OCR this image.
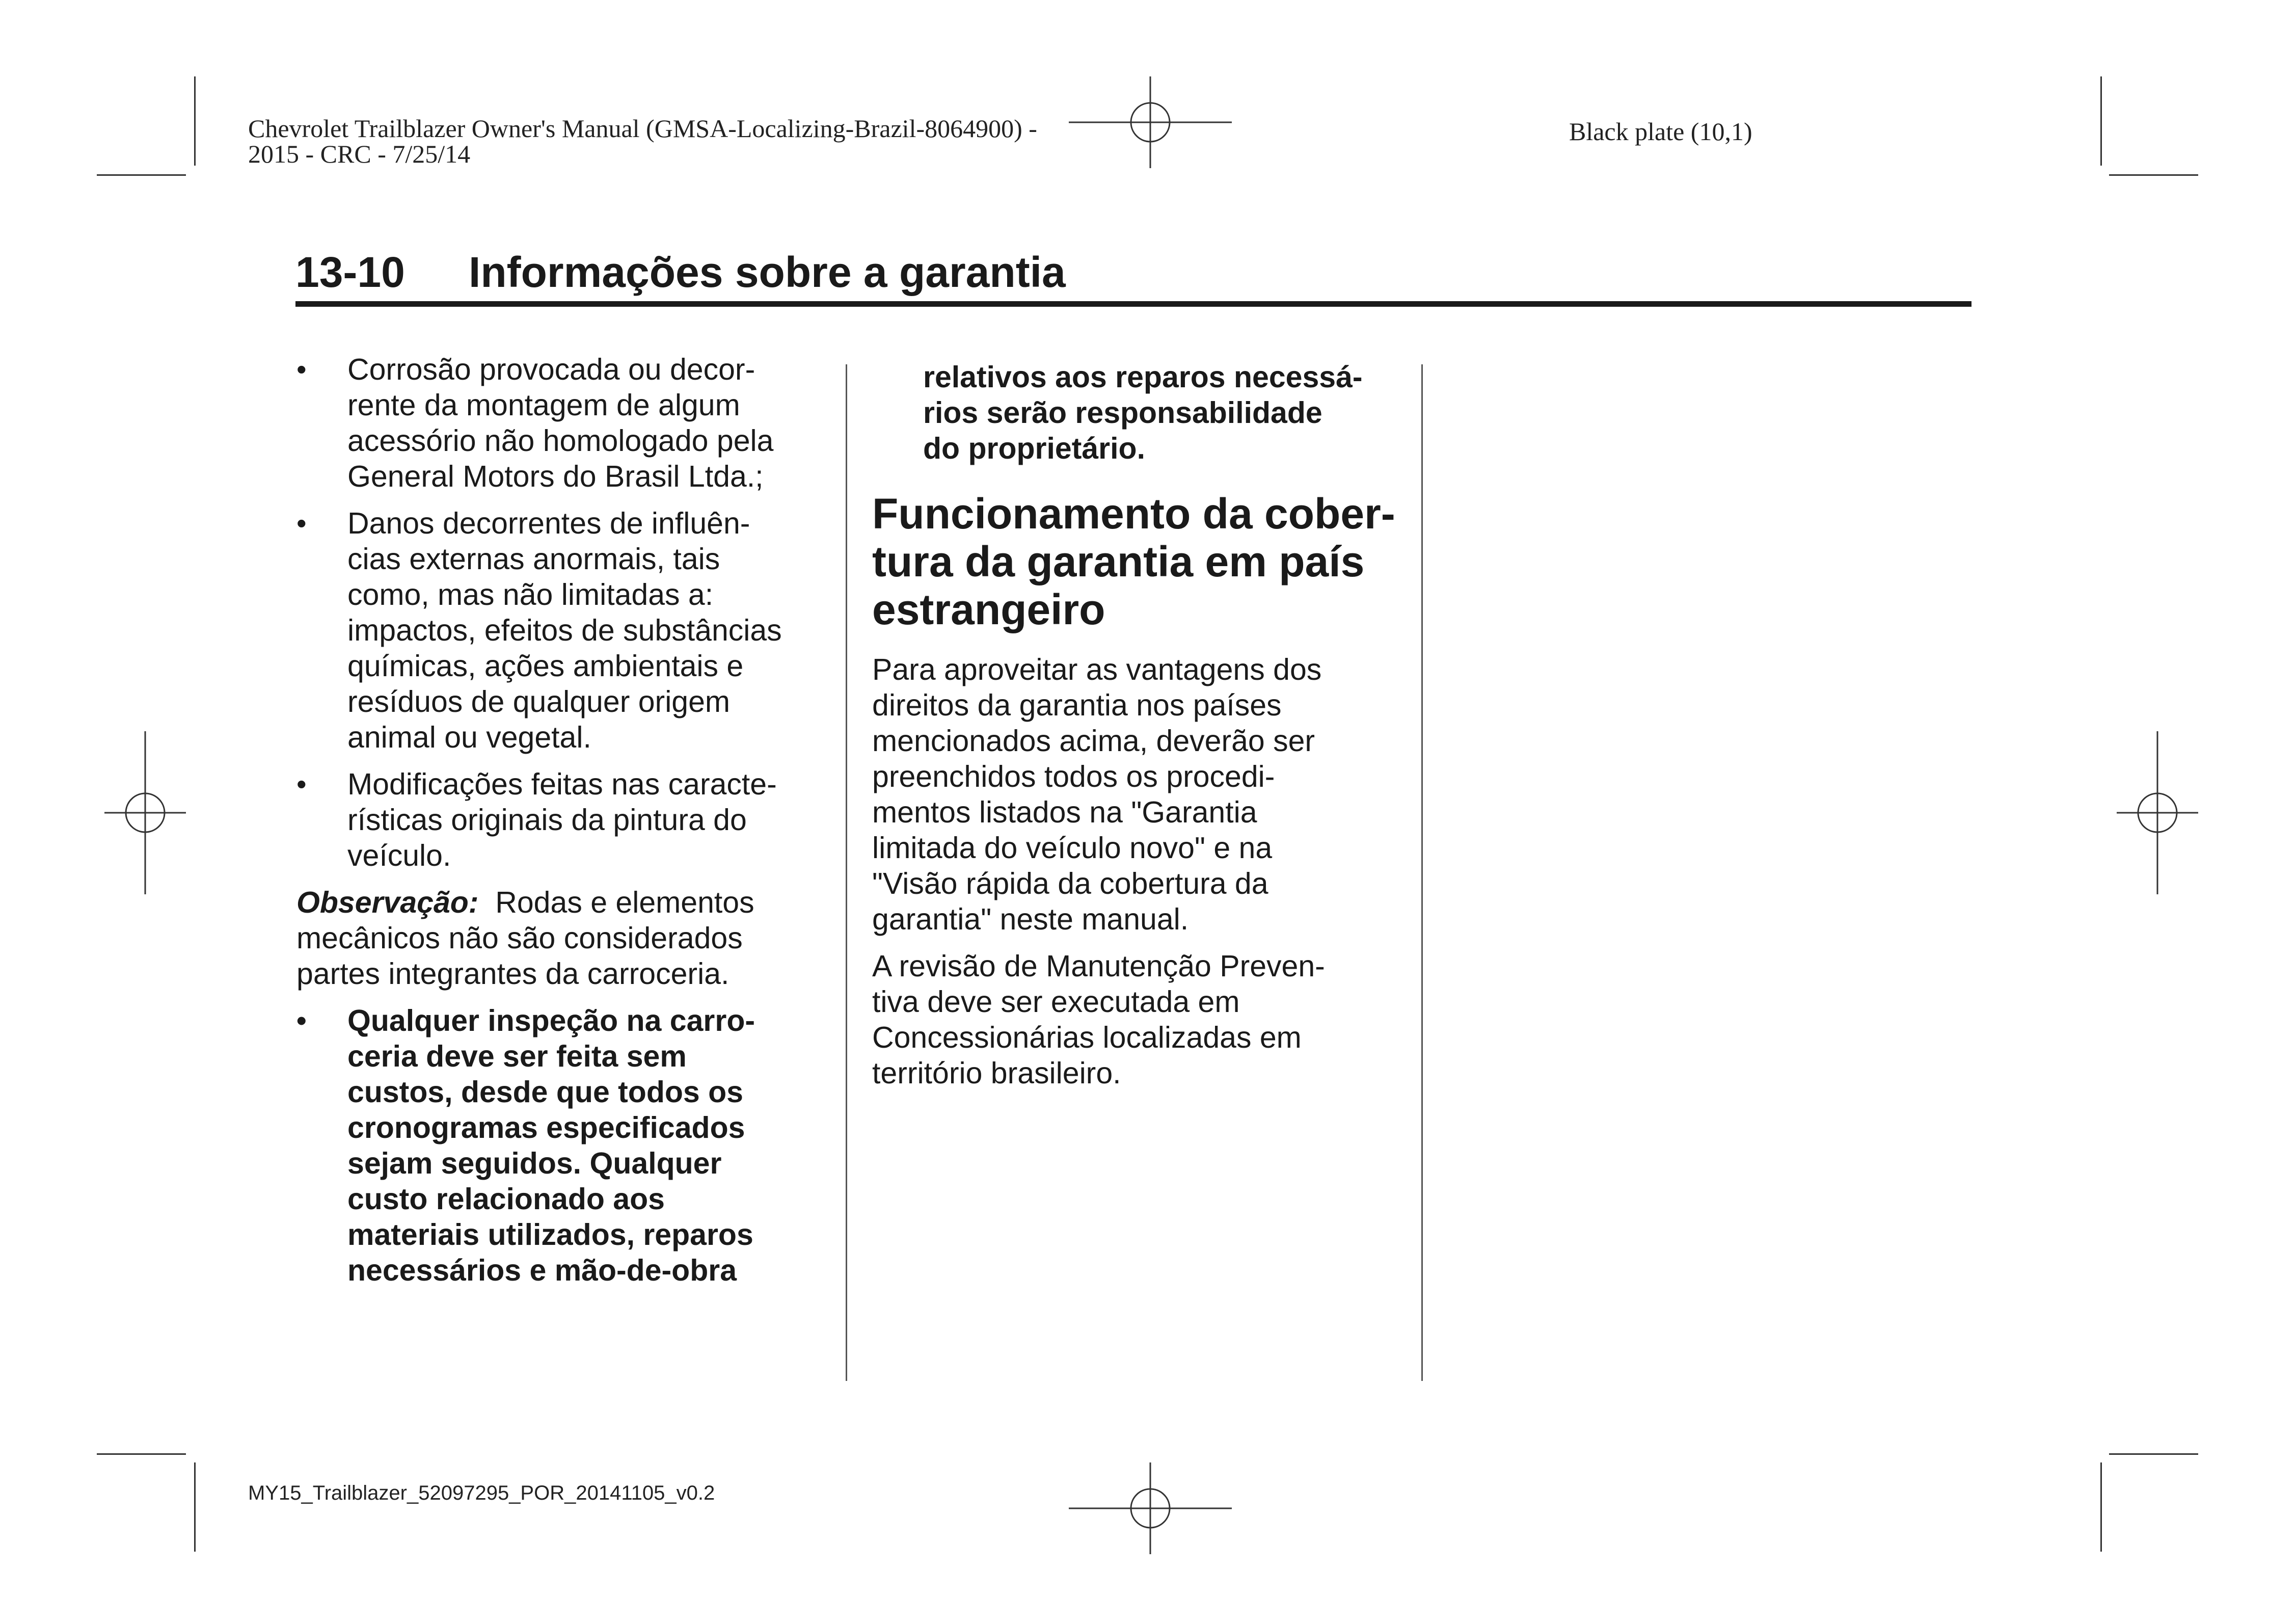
Chevrolet Trailblazer Owner's Manual (GMSA-Localizing-Brazil-8064900) -
2015 - CRC - 7/25/14
Black plate (10,1)
13-10 Informações sobre a garantia
•	Corrosão provocada ou decor-
rente da montagem de algum
acessório não homologado pela
General Motors do Brasil Ltda.;
•	Danos decorrentes de influên-
cias externas anormais, tais
como, mas não limitadas a:
impactos, efeitos de substâncias
químicas, ações ambientais e
resíduos de qualquer origem
animal ou vegetal.
•	Modificações feitas nas caracte-
rísticas originais da pintura do
veículo.

Observação: Rodas e elementos
mecânicos não são considerados
partes integrantes da carroceria.

•	Qualquer inspeção na carro-
ceria deve ser feita sem
custos, desde que todos os
cronogramas especificados
sejam seguidos. Qualquer
custo relacionado aos
materiais utilizados, reparos
necessários e mão-de-obra

relativos aos reparos necessá-
rios serão responsabilidade
do proprietário.

Funcionamento da cober-
tura da garantia em país
estrangeiro

Para aproveitar as vantagens dos
direitos da garantia nos países
mencionados acima, deverão ser
preenchidos todos os procedi-
mentos listados na "Garantia
limitada do veículo novo" e na
"Visão rápida da cobertura da
garantia" neste manual.

A revisão de Manutenção Preven-
tiva deve ser executada em
Concessionárias localizadas em
território brasileiro.

MY15_Trailblazer_52097295_POR_20141105_v0.2
